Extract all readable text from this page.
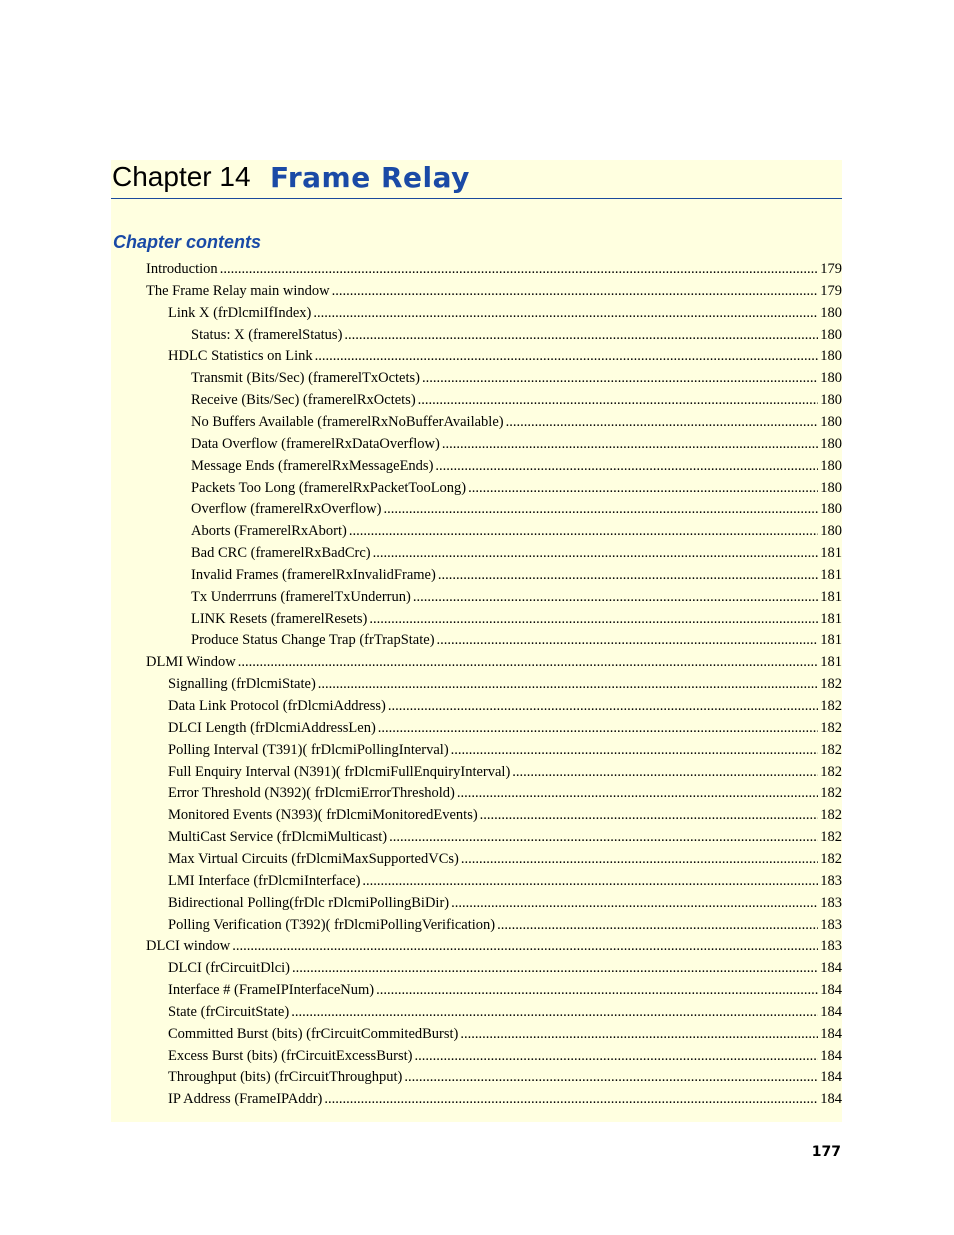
Chapter 14 Frame Relay
Chapter contents
Introduction .....	179
The Frame Relay main window .....	179
Link X (frDlcmiIfIndex) .....	180
Status: X (framerelStatus) .....	180
HDLC Statistics on Link .....	180
Transmit (Bits/Sec) (framerelTxOctets) .....	180
Receive (Bits/Sec) (framerelRxOctets) .....	180
No Buffers Available (framerelRxNoBufferAvailable) .....	180
Data Overflow (framerelRxDataOverflow) .....	180
Message Ends (framerelRxMessageEnds) .....	180
Packets Too Long (framerelRxPacketTooLong) .....	180
Overflow (framerelRxOverflow) .....	180
Aborts (FramerelRxAbort) .....	180
Bad CRC (framerelRxBadCrc) .....	181
Invalid Frames (framerelRxInvalidFrame) .....	181
Tx Underrruns (framerelTxUnderrun) .....	181
LINK Resets (framerelResets) .....	181
Produce Status Change Trap (frTrapState) .....	181
DLMI Window .....	181
Signalling (frDlcmiState) .....	182
Data Link Protocol (frDlcmiAddress) .....	182
DLCI Length (frDlcmiAddressLen) .....	182
Polling Interval (T391)( frDlcmiPollingInterval) .....	182
Full Enquiry Interval (N391)( frDlcmiFullEnquiryInterval) .....	182
Error Threshold (N392)( frDlcmiErrorThreshold) .....	182
Monitored Events (N393)( frDlcmiMonitoredEvents) .....	182
MultiCast Service (frDlcmiMulticast) .....	182
Max Virtual Circuits (frDlcmiMaxSupportedVCs) .....	182
LMI Interface (frDlcmiInterface) .....	183
Bidirectional Polling(frDlc rDlcmiPollingBiDir) .....	183
Polling Verification (T392)( frDlcmiPollingVerification) .....	183
DLCI window .....	183
DLCI (frCircuitDlci) .....	184
Interface # (FrameIPInterfaceNum) .....	184
State (frCircuitState) .....	184
Committed Burst (bits) (frCircuitCommitedBurst) .....	184
Excess Burst (bits) (frCircuitExcessBurst) .....	184
Throughput (bits) (frCircuitThroughput) .....	184
IP Address (FrameIPAddr) .....	184
177
